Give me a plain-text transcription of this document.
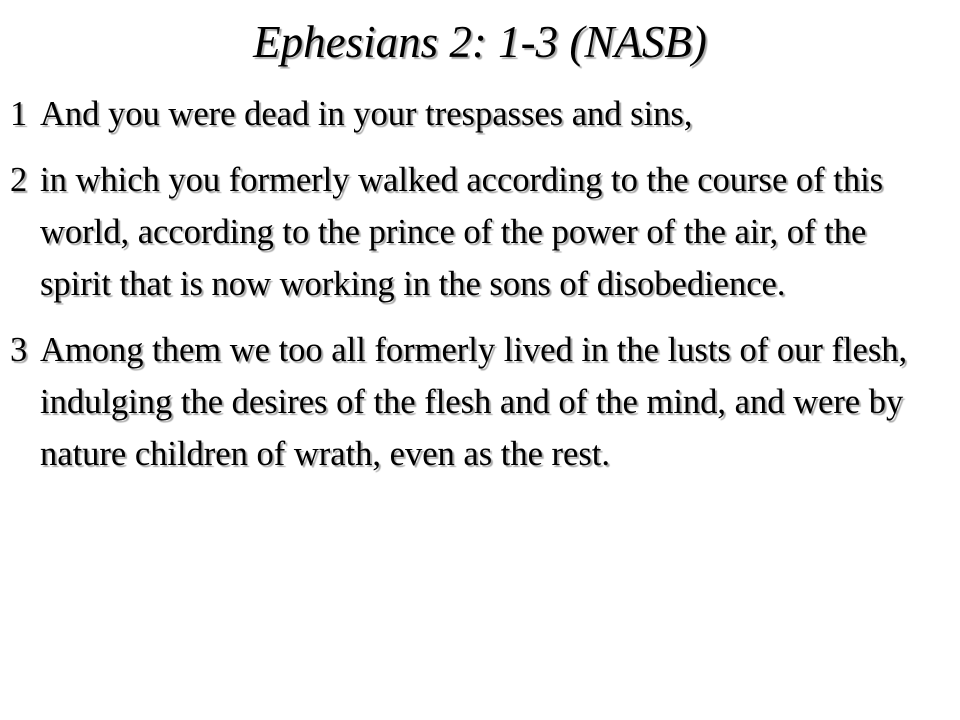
Ephesians 2: 1-3 (NASB)
1 And you were dead in your trespasses and sins,
2 in which you formerly walked according to the course of this world, according to the prince of the power of the air, of the spirit that is now working in the sons of disobedience.
3 Among them we too all formerly lived in the lusts of our flesh, indulging the desires of the flesh and of the mind, and were by nature children of wrath, even as the rest.
